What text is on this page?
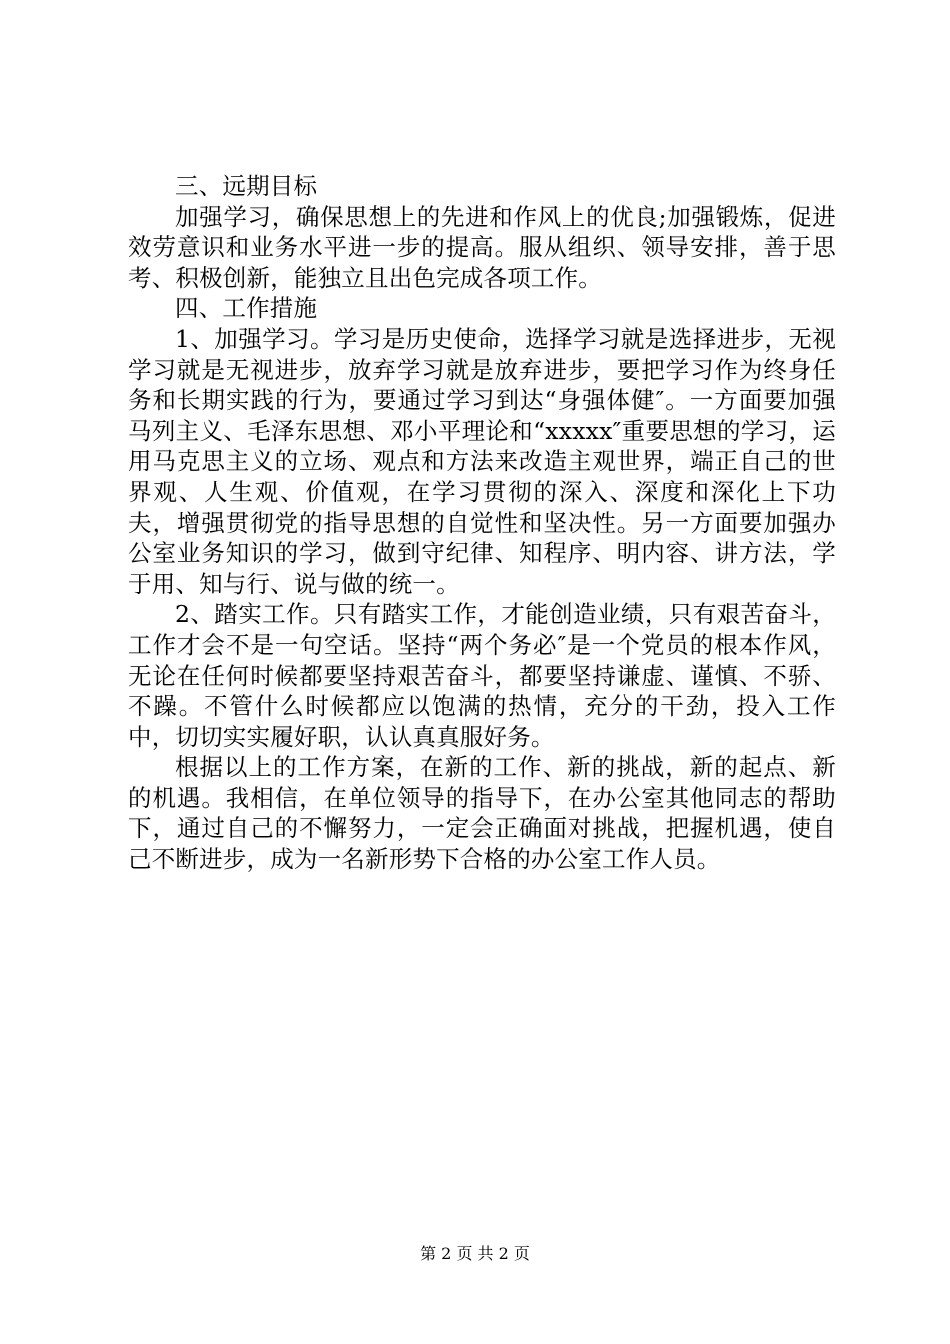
三、远期目标

加强学习，确保思想上的先进和作风上的优良;加强锻炼，促进效劳意识和业务水平进一步的提高。服从组织、领导安排，善于思考、积极创新，能独立且出色完成各项工作。

四、工作措施

1、加强学习。学习是历史使命，选择学习就是选择进步，无视学习就是无视进步，放弃学习就是放弃进步，要把学习作为终身任务和长期实践的行为，要通过学习到达“身强体健″。一方面要加强马列主义、毛泽东思想、邓小平理论和“xxxxx″重要思想的学习，运用马克思主义的立场、观点和方法来改造主观世界，端正自己的世界观、人生观、价值观，在学习贯彻的深入、深度和深化上下功夫，增强贯彻党的指导思想的自觉性和坚决性。另一方面要加强办公室业务知识的学习，做到守纪律、知程序、明内容、讲方法，学于用、知与行、说与做的统一。

2、踏实工作。只有踏实工作，才能创造业绩，只有艰苦奋斗，工作才会不是一句空话。坚持“两个务必″是一个党员的根本作风，无论在任何时候都要坚持艰苦奋斗，都要坚持谦虚、谨慎、不骄、不躁。不管什么时候都应以饱满的热情，充分的干劲，投入工作中，切切实实履好职，认认真真服好务。

根据以上的工作方案，在新的工作、新的挑战，新的起点、新的机遇。我相信，在单位领导的指导下，在办公室其他同志的帮助下，通过自己的不懈努力，一定会正确面对挑战，把握机遇，使自己不断进步，成为一名新形势下合格的办公室工作人员。

第 2 页 共 2 页
